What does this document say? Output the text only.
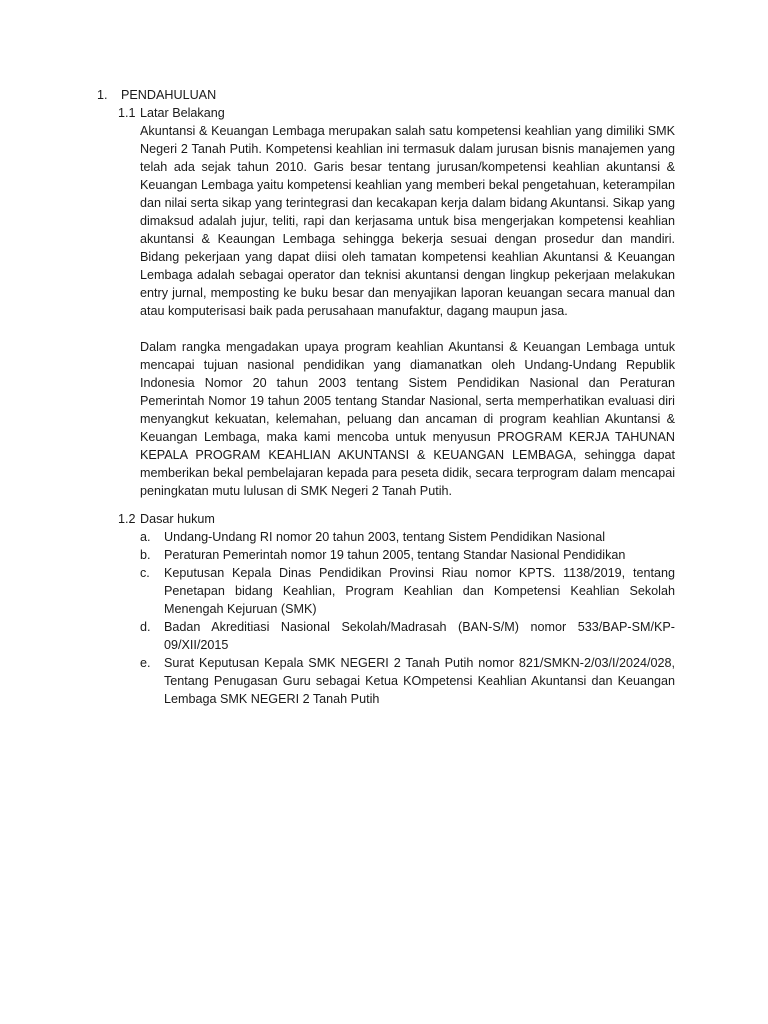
1. PENDAHULUAN
1.1 Latar Belakang

Akuntansi & Keuangan Lembaga merupakan salah satu kompetensi keahlian yang dimiliki SMK Negeri 2 Tanah Putih. Kompetensi keahlian ini termasuk dalam jurusan bisnis manajemen yang telah ada sejak tahun 2010. Garis besar tentang jurusan/kompetensi keahlian akuntansi & Keuangan Lembaga yaitu kompetensi keahlian yang memberi bekal pengetahuan, keterampilan dan nilai serta sikap yang terintegrasi dan kecakapan kerja dalam bidang Akuntansi. Sikap yang dimaksud adalah jujur, teliti, rapi dan kerjasama untuk bisa mengerjakan kompetensi keahlian akuntansi & Keaungan Lembaga sehingga bekerja sesuai dengan prosedur dan mandiri. Bidang pekerjaan yang dapat diisi oleh tamatan kompetensi keahlian Akuntansi & Keuangan Lembaga adalah sebagai operator dan teknisi akuntansi dengan lingkup pekerjaan melakukan entry jurnal, memposting ke buku besar dan menyajikan laporan keuangan secara manual dan atau komputerisasi baik pada perusahaan manufaktur, dagang maupun jasa.

Dalam rangka mengadakan upaya program keahlian Akuntansi & Keuangan Lembaga untuk mencapai tujuan nasional pendidikan yang diamanatkan oleh Undang-Undang Republik Indonesia Nomor 20 tahun 2003 tentang Sistem Pendidikan Nasional dan Peraturan Pemerintah Nomor 19 tahun 2005 tentang Standar Nasional, serta memperhatikan evaluasi diri menyangkut kekuatan, kelemahan, peluang dan ancaman di program keahlian Akuntansi & Keuangan Lembaga, maka kami mencoba untuk menyusun PROGRAM KERJA TAHUNAN KEPALA PROGRAM KEAHLIAN AKUNTANSI & KEUANGAN LEMBAGA, sehingga dapat memberikan bekal pembelajaran kepada para peseta didik, secara terprogram dalam mencapai peningkatan mutu lulusan di SMK Negeri 2 Tanah Putih.

1.2 Dasar hukum
a.	Undang-Undang RI nomor 20 tahun 2003, tentang Sistem Pendidikan Nasional
b.	Peraturan Pemerintah nomor 19 tahun 2005, tentang Standar Nasional Pendidikan
c.	Keputusan Kepala Dinas Pendidikan Provinsi Riau nomor KPTS. 1138/2019, tentang Penetapan bidang Keahlian, Program Keahlian dan Kompetensi Keahlian Sekolah Menengah Kejuruan (SMK)
d.	Badan Akreditiasi Nasional Sekolah/Madrasah (BAN-S/M) nomor 533/BAP-SM/KP-09/XII/2015
e.	Surat Keputusan Kepala SMK NEGERI 2 Tanah Putih nomor 821/SMKN-2/03/I/2024/028, Tentang Penugasan Guru sebagai Ketua KOmpetensi Keahlian Akuntansi dan Keuangan Lembaga SMK NEGERI 2 Tanah Putih
